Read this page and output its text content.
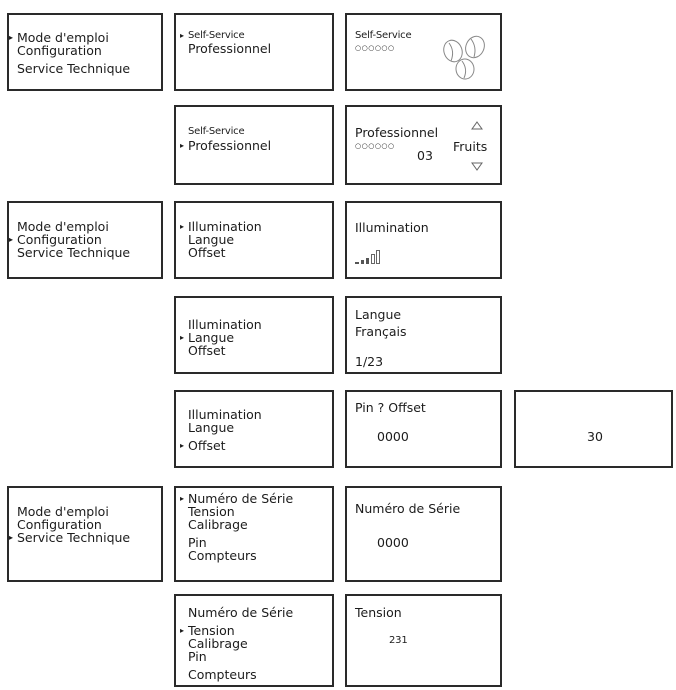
▸ Mode d'emploi
Configuration
Service Technique
▸ Self-Service
Professionnel
Self-Service
○○○○○○
Self-Service
▸ Professionnel
Professionnel
○○○○○○
03
Fruits
Mode d'emploi
▸ Configuration
Service Technique
▸ Illumination
Langue
Offset
Illumination
Illumination
▸ Langue
Offset
Langue
Français
1/23
Illumination
Langue
▸ Offset
Pin ? Offset
0000	30
Mode d'emploi
Configuration
▸ Service Technique
▸ Numéro de Série
Tension
Calibrage
Pin
Compteurs
Numéro de Série
0000
Numéro de Série
▸ Tension
Calibrage
Pin
Compteurs
Tension
231
